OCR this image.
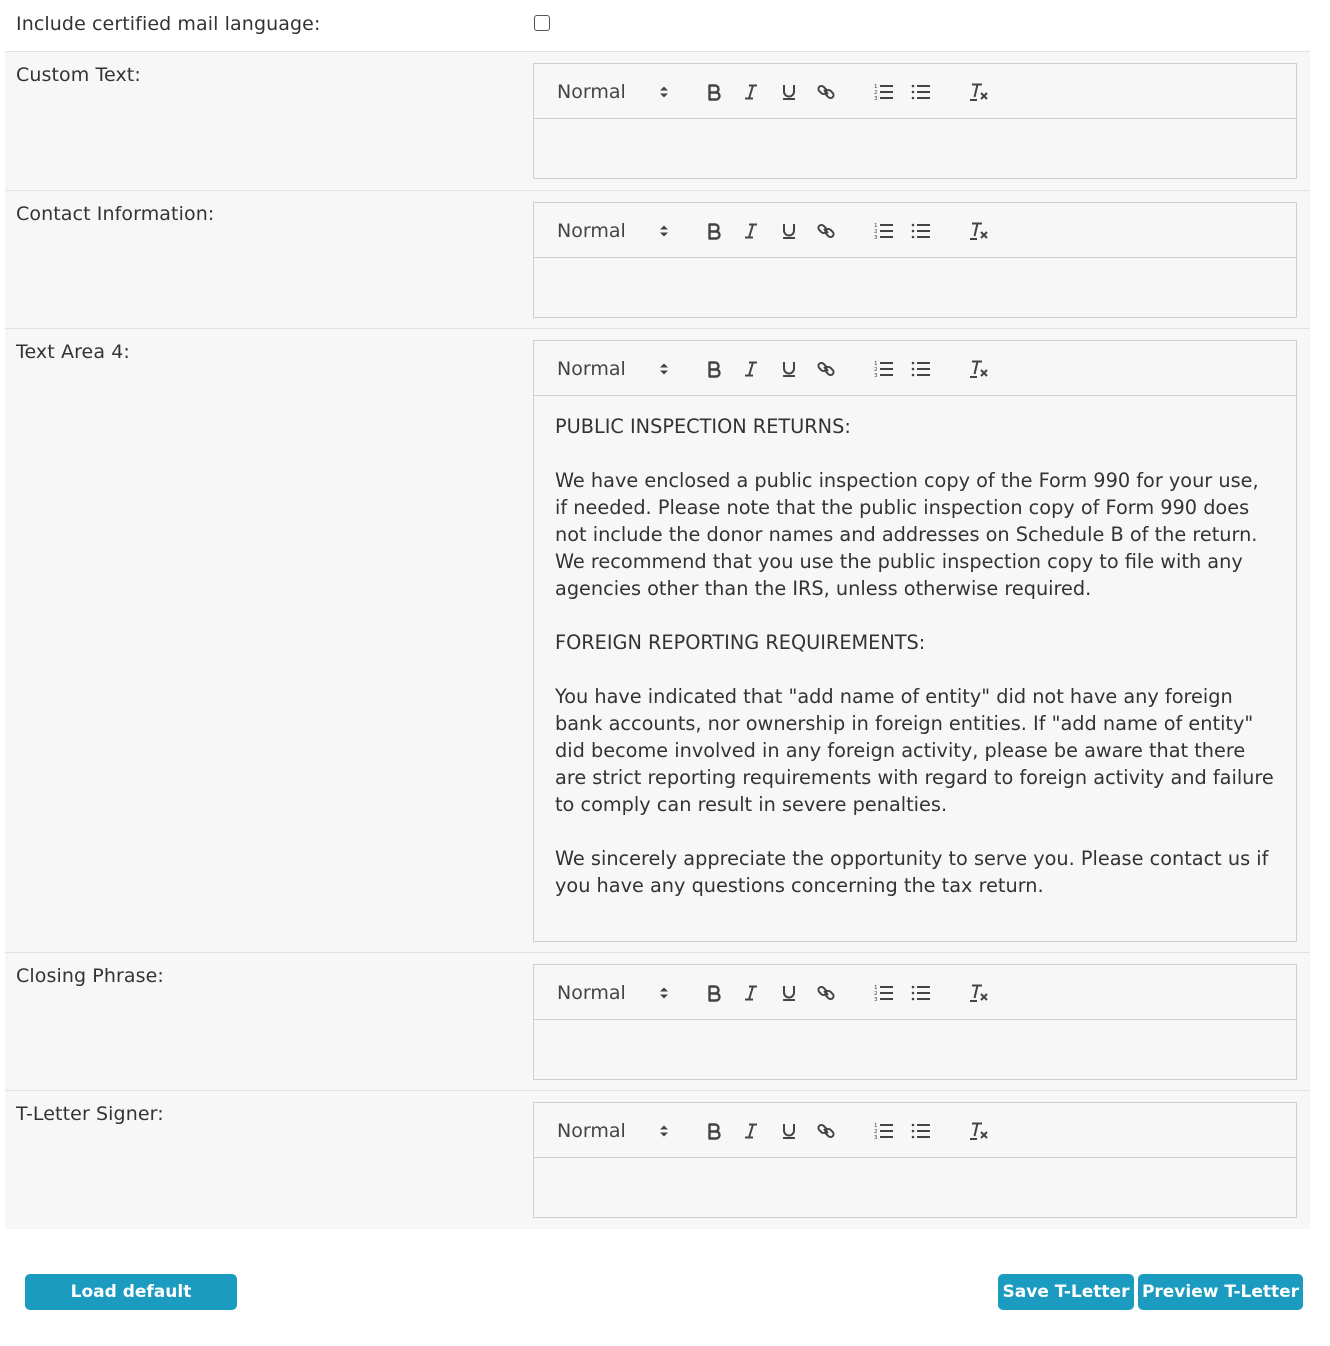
Include certified mail language:
Custom Text:
Normal	1
2
3
Contact Information:
Normal	1
2
3
Text Area 4:
Normal	1
2
3

PUBLIC INSPECTION RETURNS:

We have enclosed a public inspection copy of the Form 990 for your use, if needed. Please note that the public inspection copy of Form 990 does not include the donor names and addresses on Schedule B of the return. We recommend that you use the public inspection copy to file with any agencies other than the IRS, unless otherwise required.

FOREIGN REPORTING REQUIREMENTS:

You have indicated that "add name of entity" did not have any foreign bank accounts, nor ownership in foreign entities. If "add name of entity" did become involved in any foreign activity, please be aware that there are strict reporting requirements with regard to foreign activity and failure to comply can result in severe penalties.

We sincerely appreciate the opportunity to serve you. Please contact us if you have any questions concerning the tax return.

Closing Phrase:
Normal	1
2
3
T-Letter Signer:
Normal	1
2
3
Load default template
Save T-Letter Preview T-Letter
